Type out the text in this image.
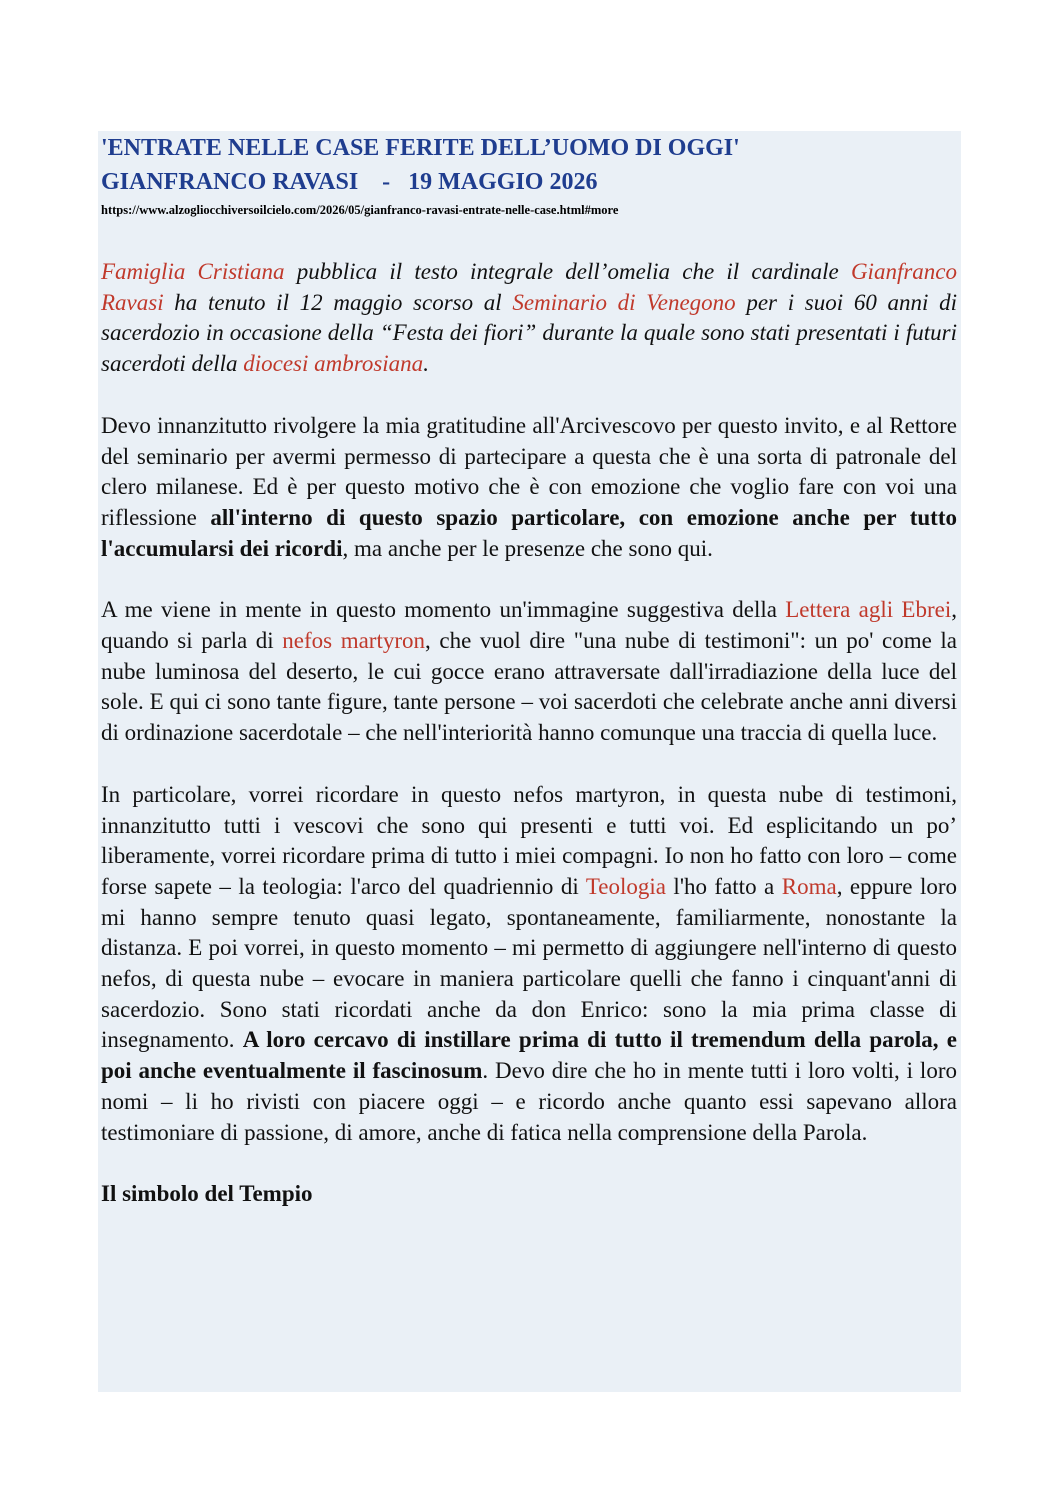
'ENTRATE NELLE CASE FERITE DELL’UOMO DI OGGI'
GIANFRANCO RAVASI    -   19 MAGGIO 2026
https://www.alzogliocchiversoilcielo.com/2026/05/gianfranco-ravasi-entrate-nelle-case.html#more

Famiglia Cristiana pubblica il testo integrale dell’omelia che il cardinale Gianfranco Ravasi ha tenuto il 12 maggio scorso al Seminario di Venegono per i suoi 60 anni di sacerdozio in occasione della “Festa dei fiori” durante la quale sono stati presentati i futuri sacerdoti della diocesi ambrosiana.

Devo innanzitutto rivolgere la mia gratitudine all'Arcivescovo per questo invito, e al Rettore del seminario per avermi permesso di partecipare a questa che è una sorta di patronale del clero milanese. Ed è per questo motivo che è con emozione che voglio fare con voi una riflessione all'interno di questo spazio particolare, con emozione anche per tutto l'accumularsi dei ricordi, ma anche per le presenze che sono qui.

A me viene in mente in questo momento un'immagine suggestiva della Lettera agli Ebrei, quando si parla di nefos martyron, che vuol dire "una nube di testimoni": un po' come la nube luminosa del deserto, le cui gocce erano attraversate dall'irradiazione della luce del sole. E qui ci sono tante figure, tante persone – voi sacerdoti che celebrate anche anni diversi di ordinazione sacerdotale – che nell'interiorità hanno comunque una traccia di quella luce.

In particolare, vorrei ricordare in questo nefos martyron, in questa nube di testimoni, innanzitutto tutti i vescovi che sono qui presenti e tutti voi. Ed esplicitando un po’ liberamente, vorrei ricordare prima di tutto i miei compagni. Io non ho fatto con loro – come forse sapete – la teologia: l'arco del quadriennio di Teologia l'ho fatto a Roma, eppure loro mi hanno sempre tenuto quasi legato, spontaneamente, familiarmente, nonostante la distanza. E poi vorrei, in questo momento – mi permetto di aggiungere nell'interno di questo nefos, di questa nube – evocare in maniera particolare quelli che fanno i cinquant'anni di sacerdozio. Sono stati ricordati anche da don Enrico: sono la mia prima classe di insegnamento. A loro cercavo di instillare prima di tutto il tremendum della parola, e poi anche eventualmente il fascinosum. Devo dire che ho in mente tutti i loro volti, i loro nomi – li ho rivisti con piacere oggi – e ricordo anche quanto essi sapevano allora testimoniare di passione, di amore, anche di fatica nella comprensione della Parola.

Il simbolo del Tempio
